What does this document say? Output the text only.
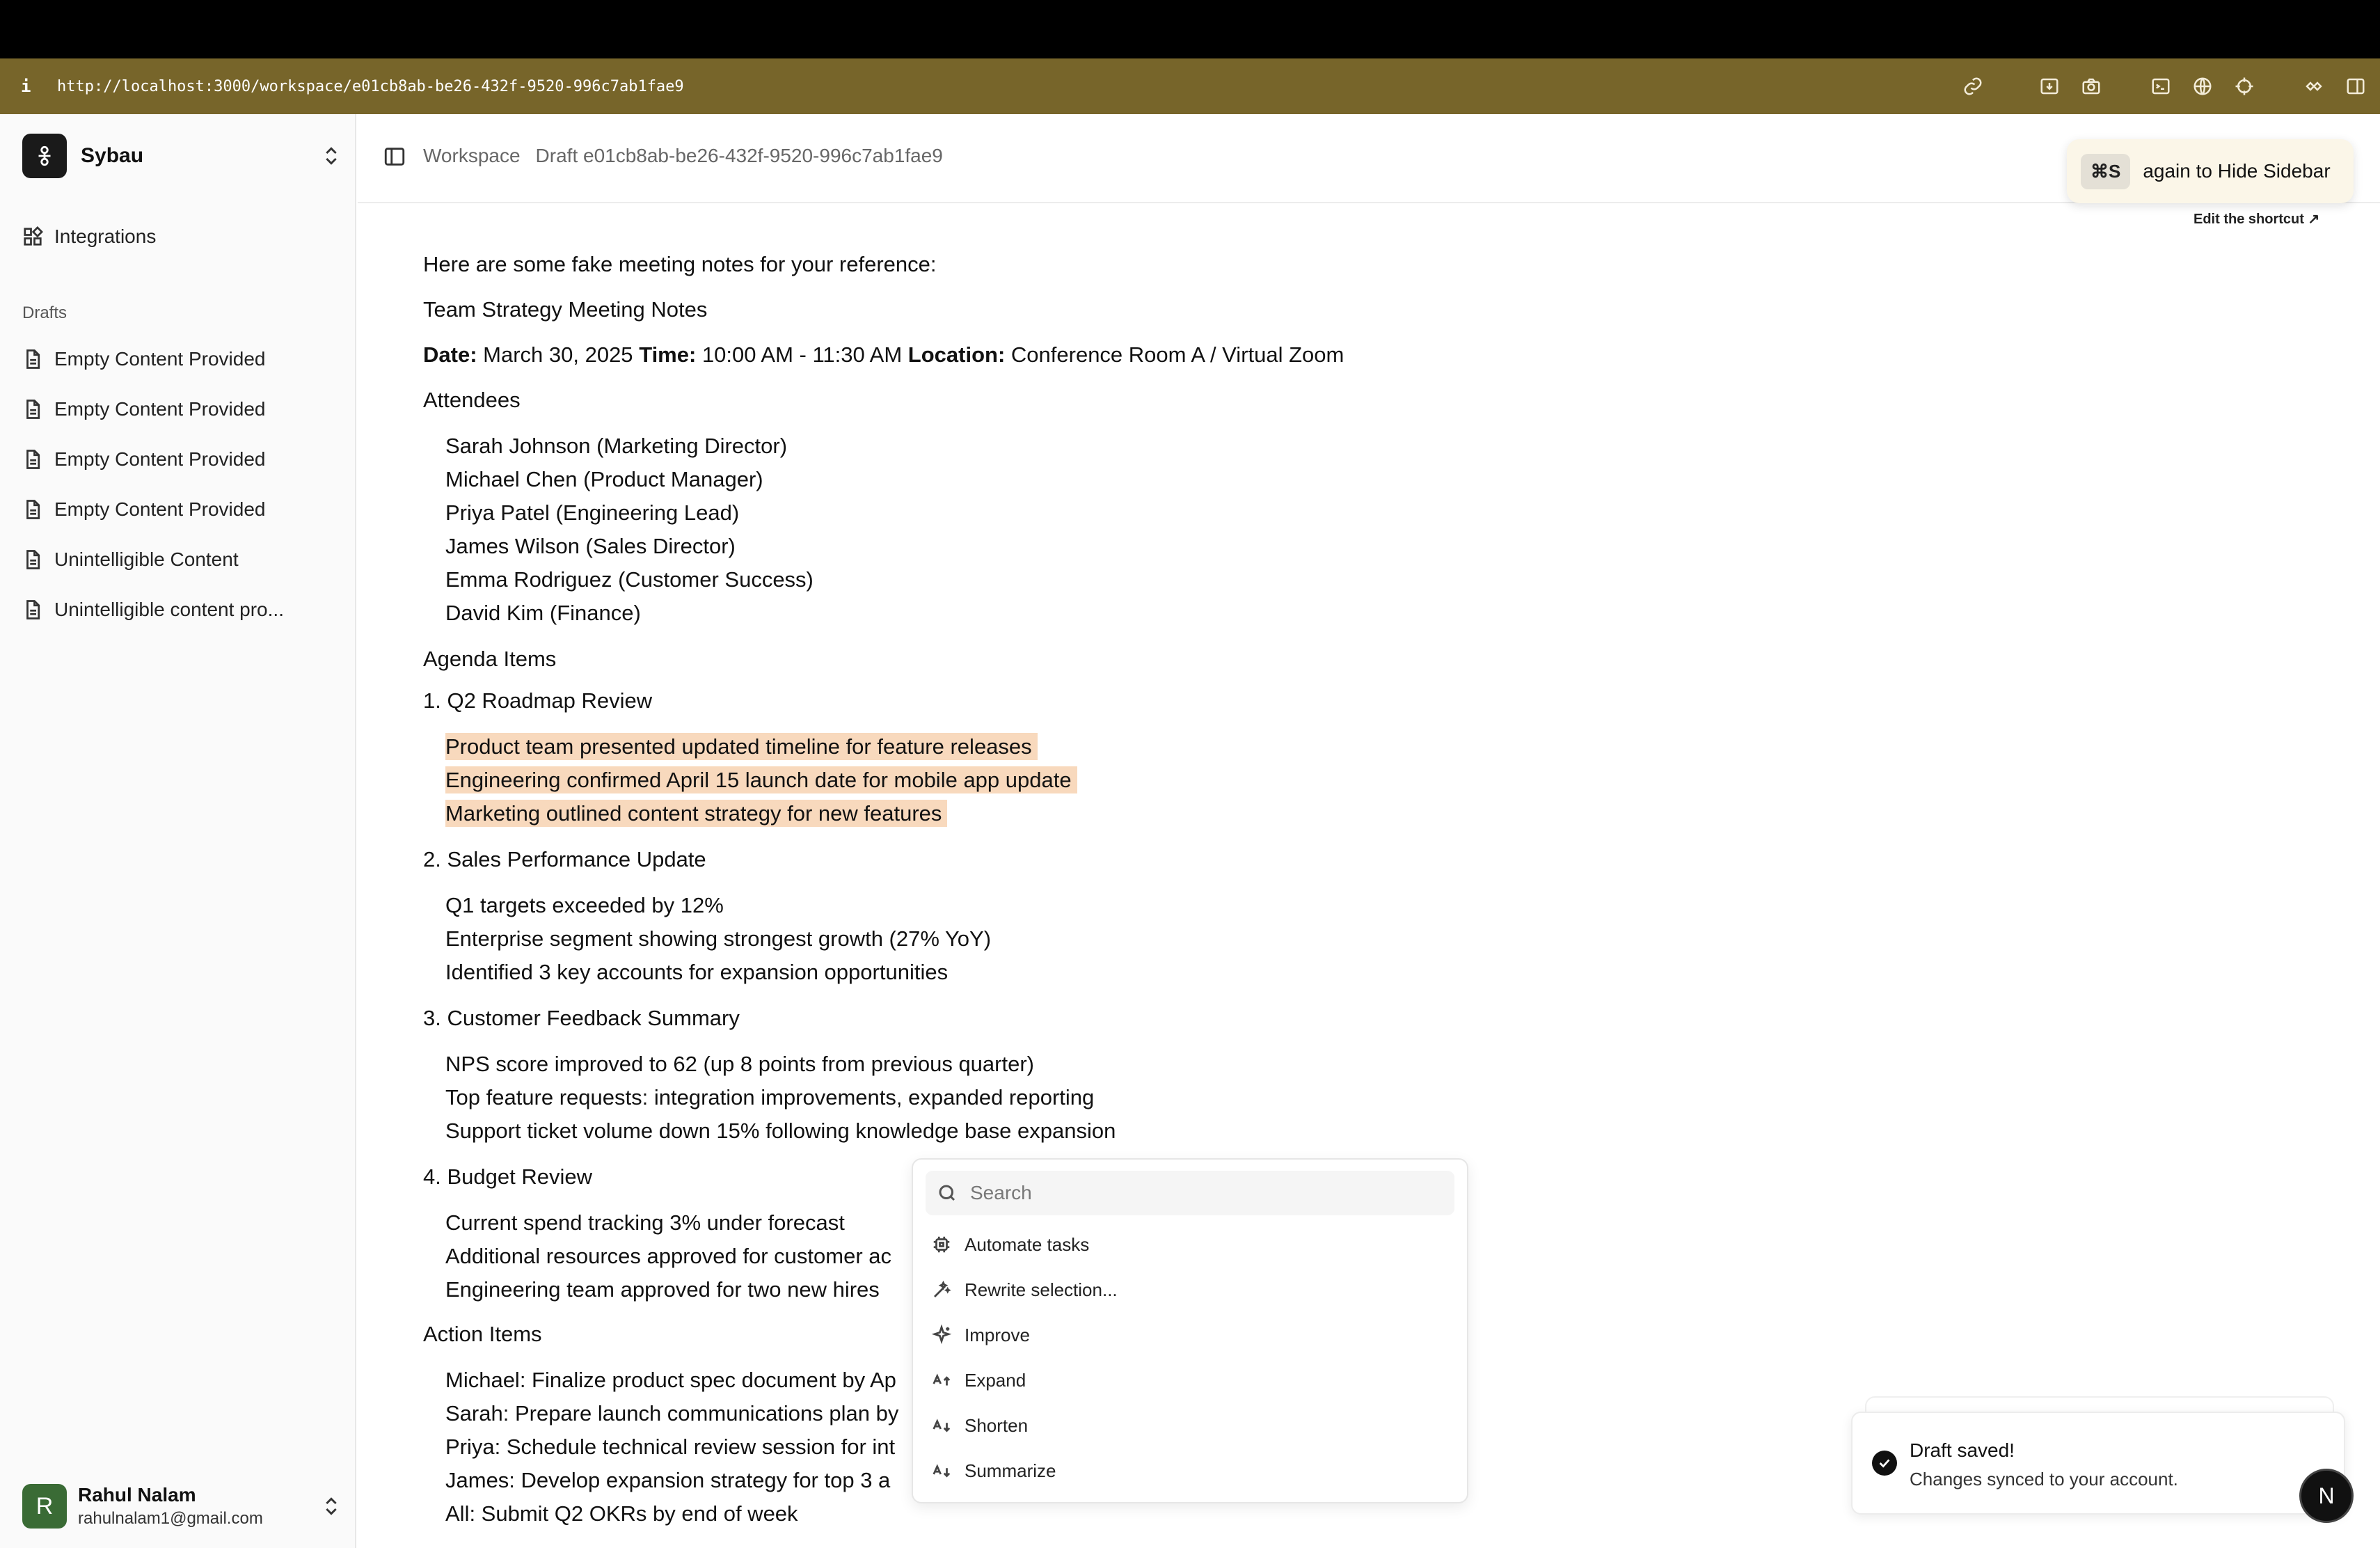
i	http://localhost:3000/workspace/e01cb8ab-be26-432f-9520-996c7ab1fae9
Sybau
Integrations
Drafts
Empty Content Provided
Empty Content Provided
Empty Content Provided
Empty Content Provided
Unintelligible Content
Unintelligible content pro...
R	Rahul Nalam
rahulnalam1@gmail.com
Workspace Draft e01cb8ab-be26-432f-9520-996c7ab1fae9
⌘S	again to Hide Sidebar
Edit the shortcut ↗
Here are some fake meeting notes for your reference:
Team Strategy Meeting Notes
Date: March 30, 2025 Time: 10:00 AM - 11:30 AM Location: Conference Room A / Virtual Zoom
Attendees
Sarah Johnson (Marketing Director)
Michael Chen (Product Manager)
Priya Patel (Engineering Lead)
James Wilson (Sales Director)
Emma Rodriguez (Customer Success)
David Kim (Finance)
Agenda Items
1. Q2 Roadmap Review
Product team presented updated timeline for feature releases
Engineering confirmed April 15 launch date for mobile app update
Marketing outlined content strategy for new features
2. Sales Performance Update
Q1 targets exceeded by 12%
Enterprise segment showing strongest growth (27% YoY)
Identified 3 key accounts for expansion opportunities
3. Customer Feedback Summary
NPS score improved to 62 (up 8 points from previous quarter)
Top feature requests: integration improvements, expanded reporting
Support ticket volume down 15% following knowledge base expansion
4. Budget Review
Current spend tracking 3% under forecast
Additional resources approved for customer ac
Engineering team approved for two new hires
Action Items
Michael: Finalize product spec document by Ap
Sarah: Prepare launch communications plan by
Priya: Schedule technical review session for int
James: Develop expansion strategy for top 3 a
All: Submit Q2 OKRs by end of week
Search
Automate tasks
Rewrite selection...
Improve
Expand
Shorten
Summarize
Draft saved!
Changes synced to your account.
N
